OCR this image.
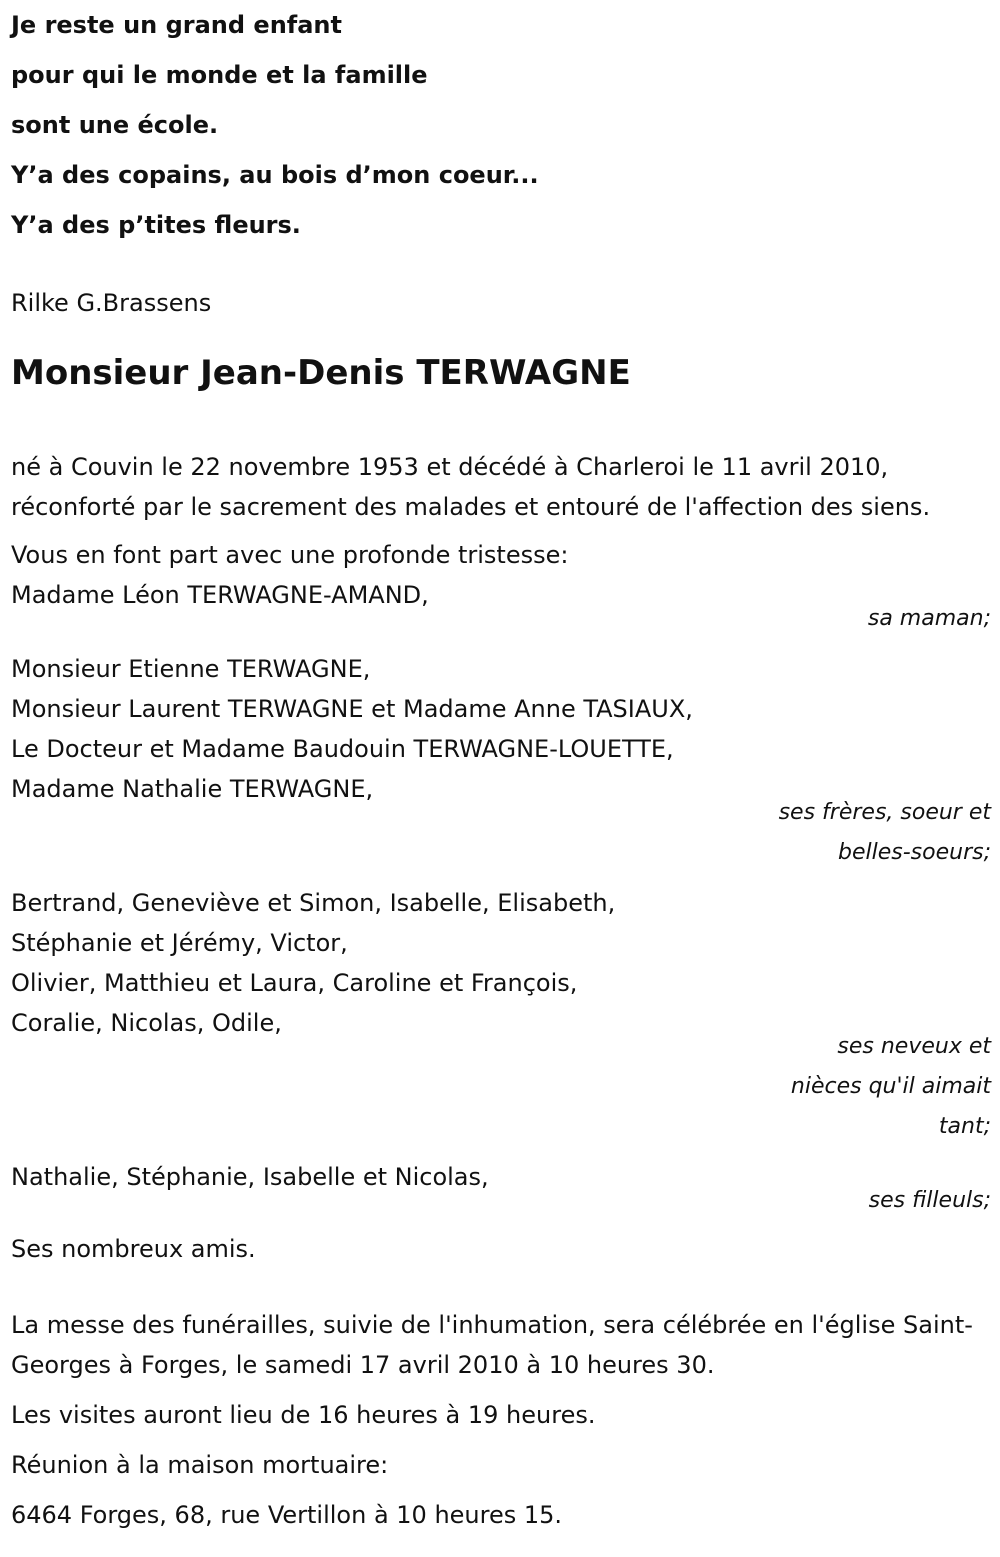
Je reste un grand enfant
pour qui le monde et la famille
sont une école.
Y’a des copains, au bois d’mon coeur...
Y’a des p’tites fleurs.
Rilke G.Brassens
Monsieur Jean-Denis TERWAGNE
né à Couvin le 22 novembre 1953 et décédé à Charleroi le 11 avril 2010, réconforté par le sacrement des malades et entouré de l'affection des siens.
Vous en font part avec une profonde tristesse:
Madame Léon TERWAGNE-AMAND,
sa maman;
Monsieur Etienne TERWAGNE,
Monsieur Laurent TERWAGNE et Madame Anne TASIAUX,
Le Docteur et Madame Baudouin TERWAGNE-LOUETTE,
Madame Nathalie TERWAGNE,
ses frères, soeur et
belles-soeurs;
Bertrand, Geneviève et Simon, Isabelle, Elisabeth,
Stéphanie et Jérémy, Victor,
Olivier, Matthieu et Laura, Caroline et François,
Coralie, Nicolas, Odile,
ses neveux et
nièces qu'il aimait
tant;
Nathalie, Stéphanie, Isabelle et Nicolas,
ses filleuls;
Ses nombreux amis.
La messe des funérailles, suivie de l'inhumation, sera célébrée en l'église Saint-Georges à Forges, le samedi 17 avril 2010 à 10 heures 30.
Les visites auront lieu de 16 heures à 19 heures.
Réunion à la maison mortuaire:
6464 Forges, 68, rue Vertillon à 10 heures 15.
